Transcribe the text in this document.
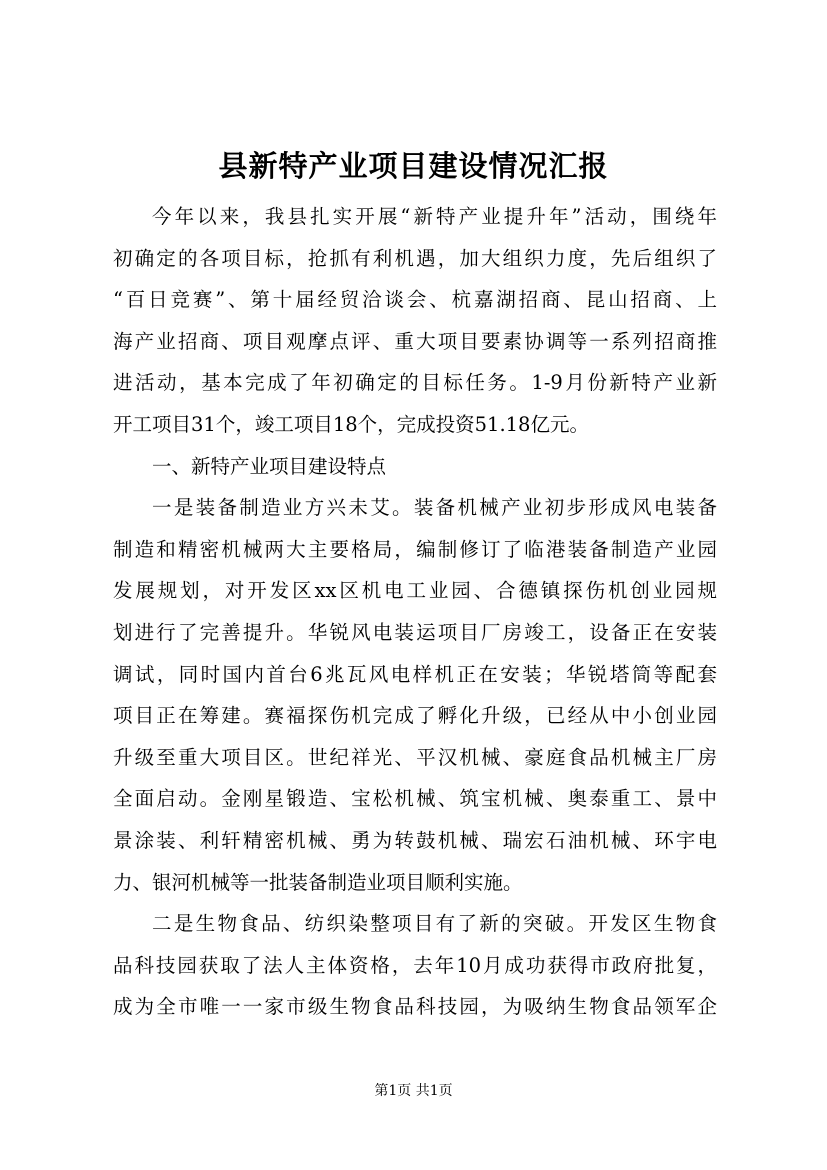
县新特产业项目建设情况汇报
今年以来，我县扎实开展“新特产业提升年”活动，围绕年
初确定的各项目标，抢抓有利机遇，加大组织力度，先后组织了
“百日竞赛”、第十届经贸洽谈会、杭嘉湖招商、昆山招商、上
海产业招商、项目观摩点评、重大项目要素协调等一系列招商推
进活动，基本完成了年初确定的目标任务。1-9月份新特产业新
开工项目31个，竣工项目18个，完成投资51.18亿元。
一、新特产业项目建设特点
一是装备制造业方兴未艾。装备机械产业初步形成风电装备
制造和精密机械两大主要格局，编制修订了临港装备制造产业园
发展规划，对开发区xx区机电工业园、合德镇探伤机创业园规
划进行了完善提升。华锐风电装运项目厂房竣工，设备正在安装
调试，同时国内首台6兆瓦风电样机正在安装；华锐塔筒等配套
项目正在筹建。赛福探伤机完成了孵化升级，已经从中小创业园
升级至重大项目区。世纪祥光、平汉机械、豪庭食品机械主厂房
全面启动。金刚星锻造、宝松机械、筑宝机械、奥泰重工、景中
景涂装、利轩精密机械、勇为转鼓机械、瑞宏石油机械、环宇电
力、银河机械等一批装备制造业项目顺利实施。
二是生物食品、纺织染整项目有了新的突破。开发区生物食
品科技园获取了法人主体资格，去年10月成功获得市政府批复，
成为全市唯一一家市级生物食品科技园，为吸纳生物食品领军企
第1页 共1页
